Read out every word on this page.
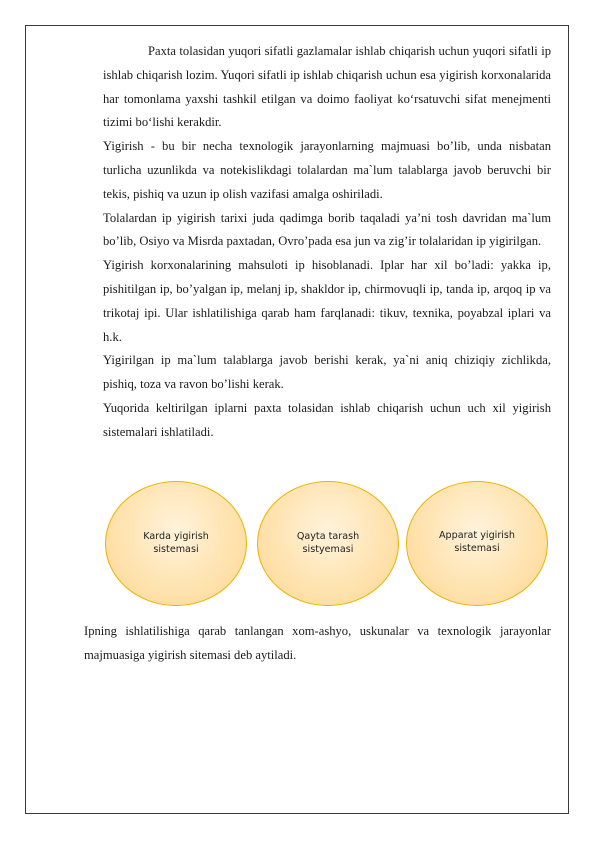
Paxta tolasidan yuqori sifatli gazlamalar ishlab chiqarish uchun yuqori sifatli ip ishlab chiqarish lozim. Yuqori sifatli ip ishlab chiqarish uchun esa yigirish korxonalarida har tomonlama yaxshi tashkil etilgan va doimo faoliyat ko‘rsatuvchi sifat menejmenti tizimi bo‘lishi kerakdir.

Yigirish - bu bir necha texnologik jarayonlarning majmuasi bo’lib, unda nisbatan turlicha uzunlikda va notekislikdagi tolalardan ma`lum talablarga javob beruvchi bir tekis, pishiq va uzun ip olish vazifasi amalga oshiriladi.

Tolalardan ip yigirish tarixi juda qadimga borib taqaladi ya’ni tosh davridan ma`lum bo’lib, Osiyo va Misrda paxtadan, Ovro’pada esa jun va zig’ir tolalaridan ip yigirilgan.

Yigirish korxonalarining mahsuloti ip hisoblanadi. Iplar har xil bo’ladi: yakka ip, pishitilgan ip, bo’yalgan ip, melanj ip, shakldor ip, chirmovuqli ip, tanda ip, arqoq ip va trikotaj ipi. Ular ishlatilishiga qarab ham farqlanadi: tikuv, texnika, poyabzal iplari va h.k.

Yigirilgan ip ma`lum talablarga javob berishi kerak, ya`ni aniq chiziqiy zichlikda, pishiq, toza va ravon bo’lishi kerak.

Yuqorida keltirilgan iplarni paxta tolasidan ishlab chiqarish uchun uch xil yigirish sistemalari ishlatiladi.

Karda yigirish
sistemasi
Qayta tarash
sistyemasi
Apparat yigirish
sistemasi

Ipning ishlatilishiga qarab tanlangan xom-ashyo, uskunalar va texnologik jarayonlar majmuasiga yigirish sitemasi deb aytiladi.
